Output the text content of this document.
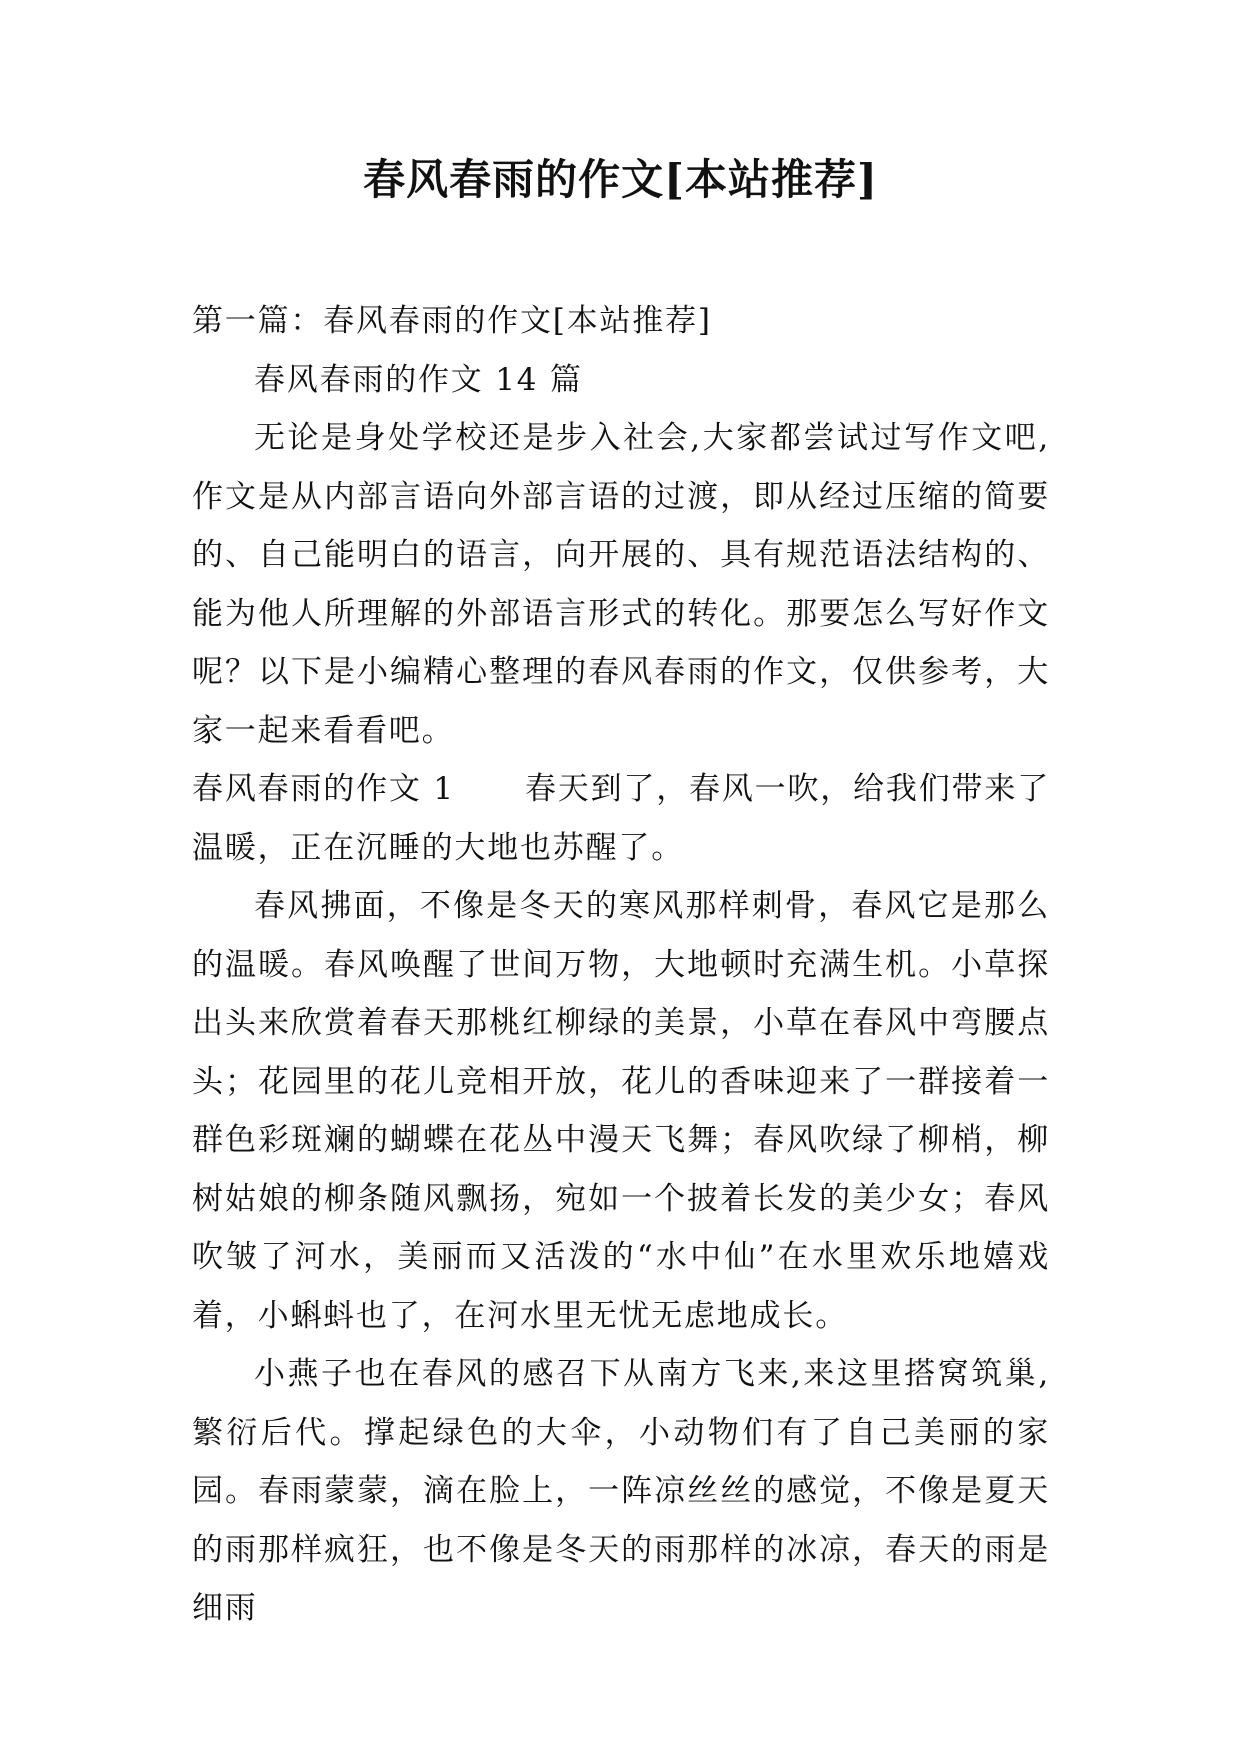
春风春雨的作文[本站推荐]

第一篇：春风春雨的作文[本站推荐]

春风春雨的作文 14 篇

无论是身处学校还是步入社会,大家都尝试过写作文吧,作文是从内部言语向外部言语的过渡，即从经过压缩的简要的、自己能明白的语言，向开展的、具有规范语法结构的、能为他人所理解的外部语言形式的转化。那要怎么写好作文呢？以下是小编精心整理的春风春雨的作文，仅供参考，大家一起来看看吧。

春风春雨的作文 1 春天到了，春风一吹，给我们带来了温暖，正在沉睡的大地也苏醒了。

春风拂面，不像是冬天的寒风那样刺骨，春风它是那么的温暖。春风唤醒了世间万物，大地顿时充满生机。小草探出头来欣赏着春天那桃红柳绿的美景，小草在春风中弯腰点头；花园里的花儿竞相开放，花儿的香味迎来了一群接着一群色彩斑斓的蝴蝶在花丛中漫天飞舞；春风吹绿了柳梢，柳树姑娘的柳条随风飘扬，宛如一个披着长发的美少女；春风吹皱了河水，美丽而又活泼的“水中仙”在水里欢乐地嬉戏着，小蝌蚪也了，在河水里无忧无虑地成长。

小燕子也在春风的感召下从南方飞来,来这里搭窝筑巢,繁衍后代。撑起绿色的大伞，小动物们有了自己美丽的家园。春雨蒙蒙，滴在脸上，一阵凉丝丝的感觉，不像是夏天的雨那样疯狂，也不像是冬天的雨那样的冰凉，春天的雨是细雨
